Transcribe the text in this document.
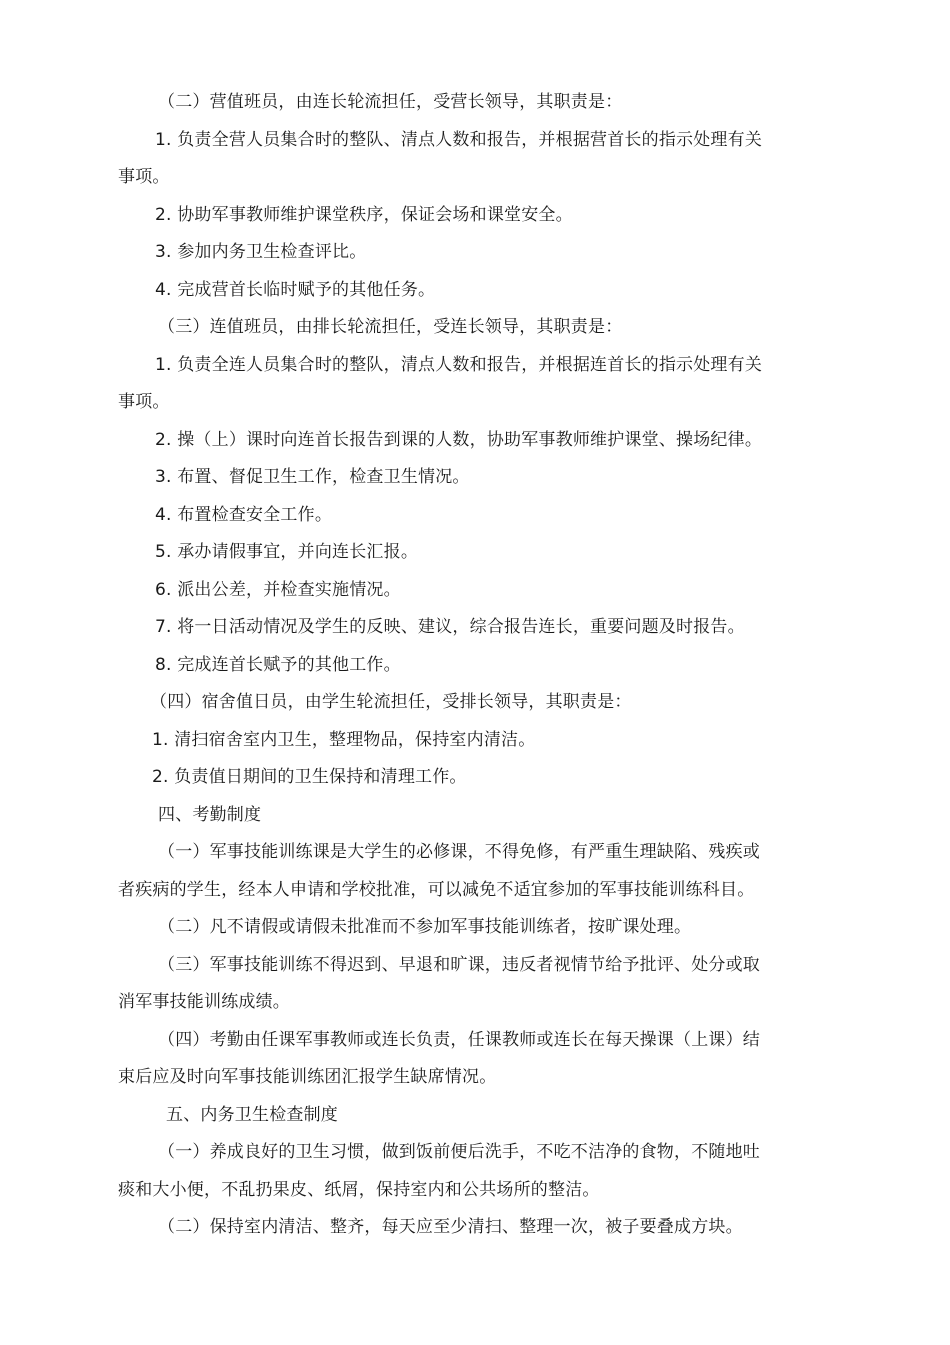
（二）营值班员，由连长轮流担任，受营长领导，其职责是：
1. 负责全营人员集合时的整队、清点人数和报告，并根据营首长的指示处理有关
事项。
2. 协助军事教师维护课堂秩序，保证会场和课堂安全。
3. 参加内务卫生检查评比。
4. 完成营首长临时赋予的其他任务。
（三）连值班员，由排长轮流担任，受连长领导，其职责是：
1. 负责全连人员集合时的整队，清点人数和报告，并根据连首长的指示处理有关
事项。
2. 操（上）课时向连首长报告到课的人数，协助军事教师维护课堂、操场纪律。
3. 布置、督促卫生工作，检查卫生情况。
4. 布置检查安全工作。
5. 承办请假事宜，并向连长汇报。
6. 派出公差，并检查实施情况。
7. 将一日活动情况及学生的反映、建议，综合报告连长，重要问题及时报告。
8. 完成连首长赋予的其他工作。
（四）宿舍值日员，由学生轮流担任，受排长领导，其职责是：
1. 清扫宿舍室内卫生，整理物品，保持室内清洁。
2. 负责值日期间的卫生保持和清理工作。
四、考勤制度
（一）军事技能训练课是大学生的必修课，不得免修，有严重生理缺陷、残疾或
者疾病的学生，经本人申请和学校批准，可以减免不适宜参加的军事技能训练科目。
（二）凡不请假或请假未批准而不参加军事技能训练者，按旷课处理。
（三）军事技能训练不得迟到、早退和旷课，违反者视情节给予批评、处分或取
消军事技能训练成绩。
（四）考勤由任课军事教师或连长负责，任课教师或连长在每天操课（上课）结
束后应及时向军事技能训练团汇报学生缺席情况。
五、内务卫生检查制度
（一）养成良好的卫生习惯，做到饭前便后洗手，不吃不洁净的食物，不随地吐
痰和大小便，不乱扔果皮、纸屑，保持室内和公共场所的整洁。
（二）保持室内清洁、整齐，每天应至少清扫、整理一次，被子要叠成方块。
